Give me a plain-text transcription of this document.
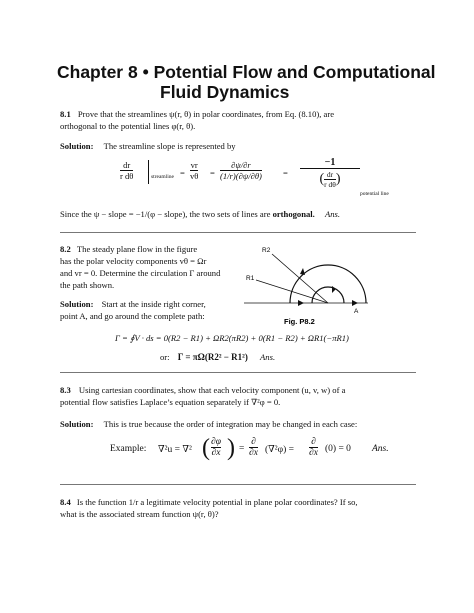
Chapter 8 • Potential Flow and Computational
Fluid Dynamics
8.1 Prove that the streamlines ψ(r, θ) in polar coordinates, from Eq. (8.10), are
orthogonal to the potential lines φ(r, θ).
Solution: The streamline slope is represented by
$\frac{dr}{\text{r dθ}}$	streamline = $\frac{vr}{v\theta} = \frac{\partial\psi/\partial r}{(1/r)(\partial\psi/\partial\theta)} = \frac{-1}{( \frac{dr}{\text{r dθ}} )}$
potential line
Since the ψ − slope = −1/(φ − slope), the two sets of lines are orthogonal. Ans.
8.2 The steady plane flow in the figure
has the polar velocity components vθ = Ωr
and vr = 0. Determine the circulation Γ around
the path shown.
Solution: Start at the inside right corner,
point A, and go around the complete path:
R2
R1
A
Fig. P8.2
Γ = ∮V · ds = 0(R2 − R1) + ΩR2(πR2) + 0(R1 − R2) + ΩR1(−πR1)
or: Γ = πΩ(R2² − R1²) Ans.
8.3 Using cartesian coordinates, show that each velocity component (u, v, w) of a
potential flow satisfies Laplace’s equation separately if ∇²φ = 0.
Solution: This is true because the order of integration may be changed in each case:
Example: ∇²u = ∇² ( $\frac{\partial\varphi}{\partial x}$ ) =
∂
∂x (∇²φ) =
∂
∂x (0) = 0 Ans.
8.4 Is the function 1/r a legitimate velocity potential in plane polar coordinates? If so,
what is the associated stream function ψ(r, θ)?
